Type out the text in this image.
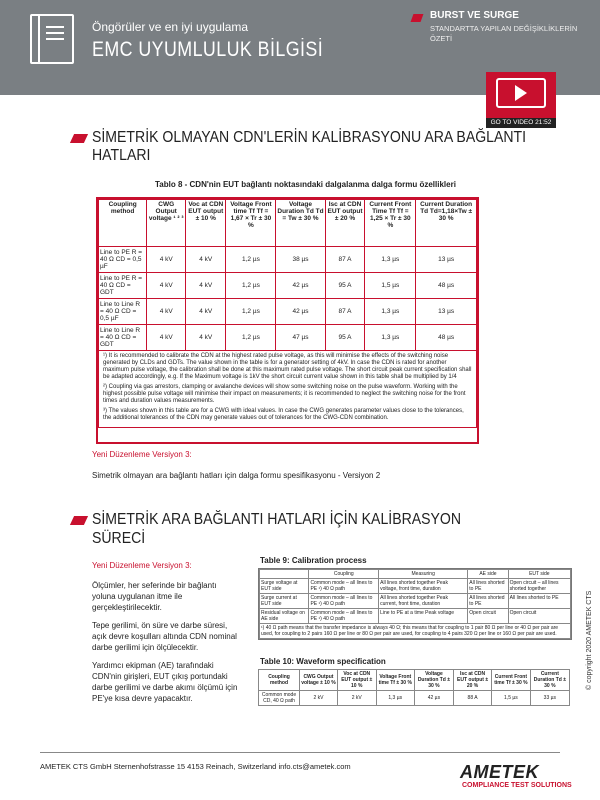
Öngörüler ve en iyi uygulama
EMC UYUMLULUK BİLGİSİ
BURST VE SURGE
STANDARTTA YAPILAN DEĞİŞİKLİKLERİN ÖZETİ
GO TO VIDEO 21:52
SİMETRİK OLMAYAN CDN'LERİN KALİBRASYONU ARA BAĞLANTI HATLARI
Tablo 8 - CDN'nin EUT bağlantı noktasındaki dalgalanma dalga formu özellikleri
Coupling method	CWG Output voltage ¹ ² ³	Voc at CDN EUT output ± 10 %	Voltage Front time Tf Tf = 1,67 × Tr ± 30 %	Voltage Duration Td Td = Tw ± 30 %	Isc at CDN EUT output ± 20 %	Current Front Time Tf Tf = 1,25 × Tr ± 30 %	Current Duration Td Td=1,18×Tw ± 30 %
Line to PE R = 40 Ω CD = 0,5 µF	4 kV	4 kV	1,2 µs	38 µs	87 A	1,3 µs	13 µs
Line to PE R = 40 Ω CD = GDT	4 kV	4 kV	1,2 µs	42 µs	95 A	1,5 µs	48 µs
Line to Line R = 40 Ω CD = 0,5 µF	4 kV	4 kV	1,2 µs	42 µs	87 A	1,3 µs	13 µs
Line to Line R = 40 Ω CD = GDT	4 kV	4 kV	1,2 µs	47 µs	95 A	1,3 µs	48 µs

¹) It is recommended to calibrate the CDN at the highest rated pulse voltage, as this will minimise the effects of the switching noise generated by CLDs and GDTs. The value shown in the table is for a generator setting of 4kV. In case the CDN is rated for another maximum pulse voltage, the calibration shall be done at this maximum rated pulse voltage. The short circuit peak current specification shall be adapted accordingly, e.g. If the Maximum voltage is 1kV the short circuit current value shown in this table shall be multiplied by 1/4

²) Coupling via gas arrestors, clamping or avalanche devices will show some switching noise on the pulse waveform. Working with the highest possible pulse voltage will minimise their impact on measurements; it is recommended to neglect the switching noise for the front times and duration values measurements.

³) The values shown in this table are for a CWG with ideal values. In case the CWG generates parameter values close to the tolerances, the additional tolerances of the CDN may generate values out of tolerances for the CWG-CDN combination.							

Yeni Düzenleme Versiyon 3:
Simetrik olmayan ara bağlantı hatları için dalga formu spesifikasyonu - Versiyon 2
SİMETRİK ARA BAĞLANTI HATLARI İÇİN KALİBRASYON
SÜRECİ
Yeni Düzenleme Versiyon 3:

Ölçümler, her seferinde bir bağlantı yoluna uygulanan itme ile gerçekleştirilecektir.

Tepe gerilimi, ön süre ve darbe süresi, açık devre koşulları altında CDN nominal darbe gerilimi için ölçülecektir.

Yardımcı ekipman (AE) tarafındaki CDN'nin girişleri, EUT çıkış portundaki darbe gerilimi ve darbe akımı ölçümü için PE'ye kısa devre yapacaktır.

Table 9: Calibration process
	Coupling	Measuring	AE side	EUT side
Surge voltage at EUT side	Common mode – all lines to PE ¹) 40 Ω path	All lines shorted together Peak voltage, front time, duration	All lines shorted to PE	Open circuit – all lines shorted together
Surge current at EUT side	Common mode – all lines to PE ¹) 40 Ω path	All lines shorted together Peak current, front time, duration	All lines shorted to PE	All lines shorted to PE
Residual voltage on AE side	Common mode – all lines to PE ¹) 40 Ω path	Line to PE at a time Peak voltage	Open circuit	Open circuit
¹) 40 Ω path means that the transfer impedance is always 40 Ω; this means that for coupling to 1 pair 80 Ω per line or 40 Ω per pair are used, for coupling to 2 pairs 160 Ω per line or 80 Ω per pair are used, for coupling to 4 pairs 320 Ω per line or 160 Ω per pair are used.				
Table 10: Waveform specification
Coupling method	CWG Output voltage ± 10 %	Voc at CDN EUT output ± 10 %	Voltage Front time Tf ± 30 %	Voltage Duration Td ± 30 %	Isc at CDN EUT output ± 20 %	Current Front time Tf ± 30 %	Current Duration Td ± 30 %
Common mode CD, 40 Ω path	2 kV	2 kV	1,3 µs	42 µs	88 A	1,5 µs	33 µs
© copyright 2020 AMETEK CTS
AMETEK CTS GmbH Sternenhofstrasse 15 4153 Reinach, Switzerland info.cts@ametek.com	AMETEK
COMPLIANCE TEST SOLUTIONS
